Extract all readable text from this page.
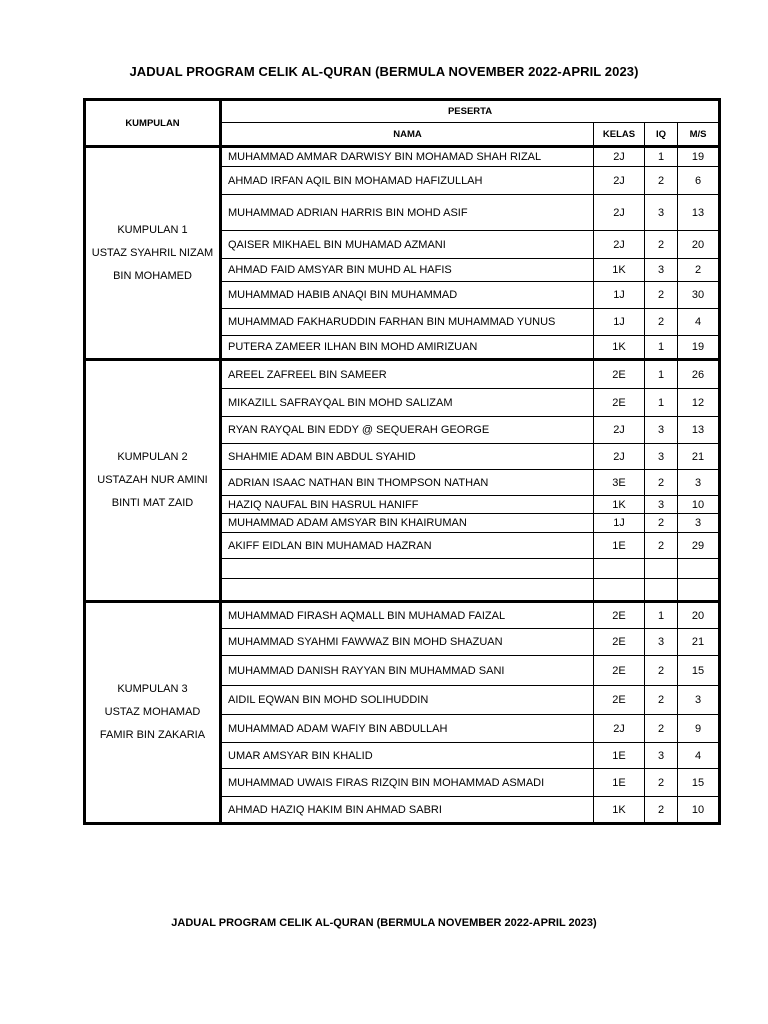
JADUAL PROGRAM CELIK AL-QURAN (BERMULA NOVEMBER 2022-APRIL 2023)
KUMPULAN	PESERTA			
	NAMA	KELAS	IQ	M/S

KUMPULAN 1
USTAZ SYAHRIL NIZAM
BIN MOHAMED	MUHAMMAD AMMAR DARWISY BIN MOHAMAD SHAH RIZAL	2J	1	19
	AHMAD IRFAN AQIL BIN MOHAMAD HAFIZULLAH	2J	2	6
	MUHAMMAD ADRIAN HARRIS BIN MOHD ASIF	2J	3	13
	QAISER MIKHAEL BIN MUHAMAD AZMANI	2J	2	20
	AHMAD FAID AMSYAR BIN MUHD AL HAFIS	1K	3	2
	MUHAMMAD HABIB ANAQI BIN MUHAMMAD	1J	2	30
	MUHAMMAD FAKHARUDDIN FARHAN BIN MUHAMMAD YUNUS	1J	2	4
	PUTERA ZAMEER ILHAN BIN MOHD AMIRIZUAN	1K	1	19

KUMPULAN 2
USTAZAH NUR AMINI
BINTI MAT ZAID	AREEL ZAFREEL BIN SAMEER	2E	1	26
	MIKAZILL SAFRAYQAL BIN MOHD SALIZAM	2E	1	12
	RYAN RAYQAL BIN EDDY @ SEQUERAH GEORGE	2J	3	13
	SHAHMIE ADAM BIN ABDUL SYAHID	2J	3	21
	ADRIAN ISAAC NATHAN BIN THOMPSON NATHAN	3E	2	3
	HAZIQ NAUFAL BIN HASRUL HANIFF	1K	3	10
	MUHAMMAD ADAM AMSYAR BIN KHAIRUMAN	1J	2	3
	AKIFF EIDLAN BIN MUHAMAD HAZRAN	1E	2	29

KUMPULAN 3
USTAZ MOHAMAD
FAMIR BIN ZAKARIA	MUHAMMAD FIRASH AQMALL BIN MUHAMAD FAIZAL	2E	1	20
	MUHAMMAD SYAHMI FAWWAZ BIN MOHD SHAZUAN	2E	3	21
	MUHAMMAD DANISH RAYYAN BIN MUHAMMAD SANI	2E	2	15
	AIDIL EQWAN BIN MOHD SOLIHUDDIN	2E	2	3
	MUHAMMAD ADAM WAFIY BIN ABDULLAH	2J	2	9
	UMAR AMSYAR BIN KHALID	1E	3	4
	MUHAMMAD UWAIS FIRAS RIZQIN BIN MOHAMMAD ASMADI	1E	2	15
	AHMAD HAZIQ HAKIM BIN AHMAD SABRI	1K	2	10
JADUAL PROGRAM CELIK AL-QURAN (BERMULA NOVEMBER 2022-APRIL 2023)
